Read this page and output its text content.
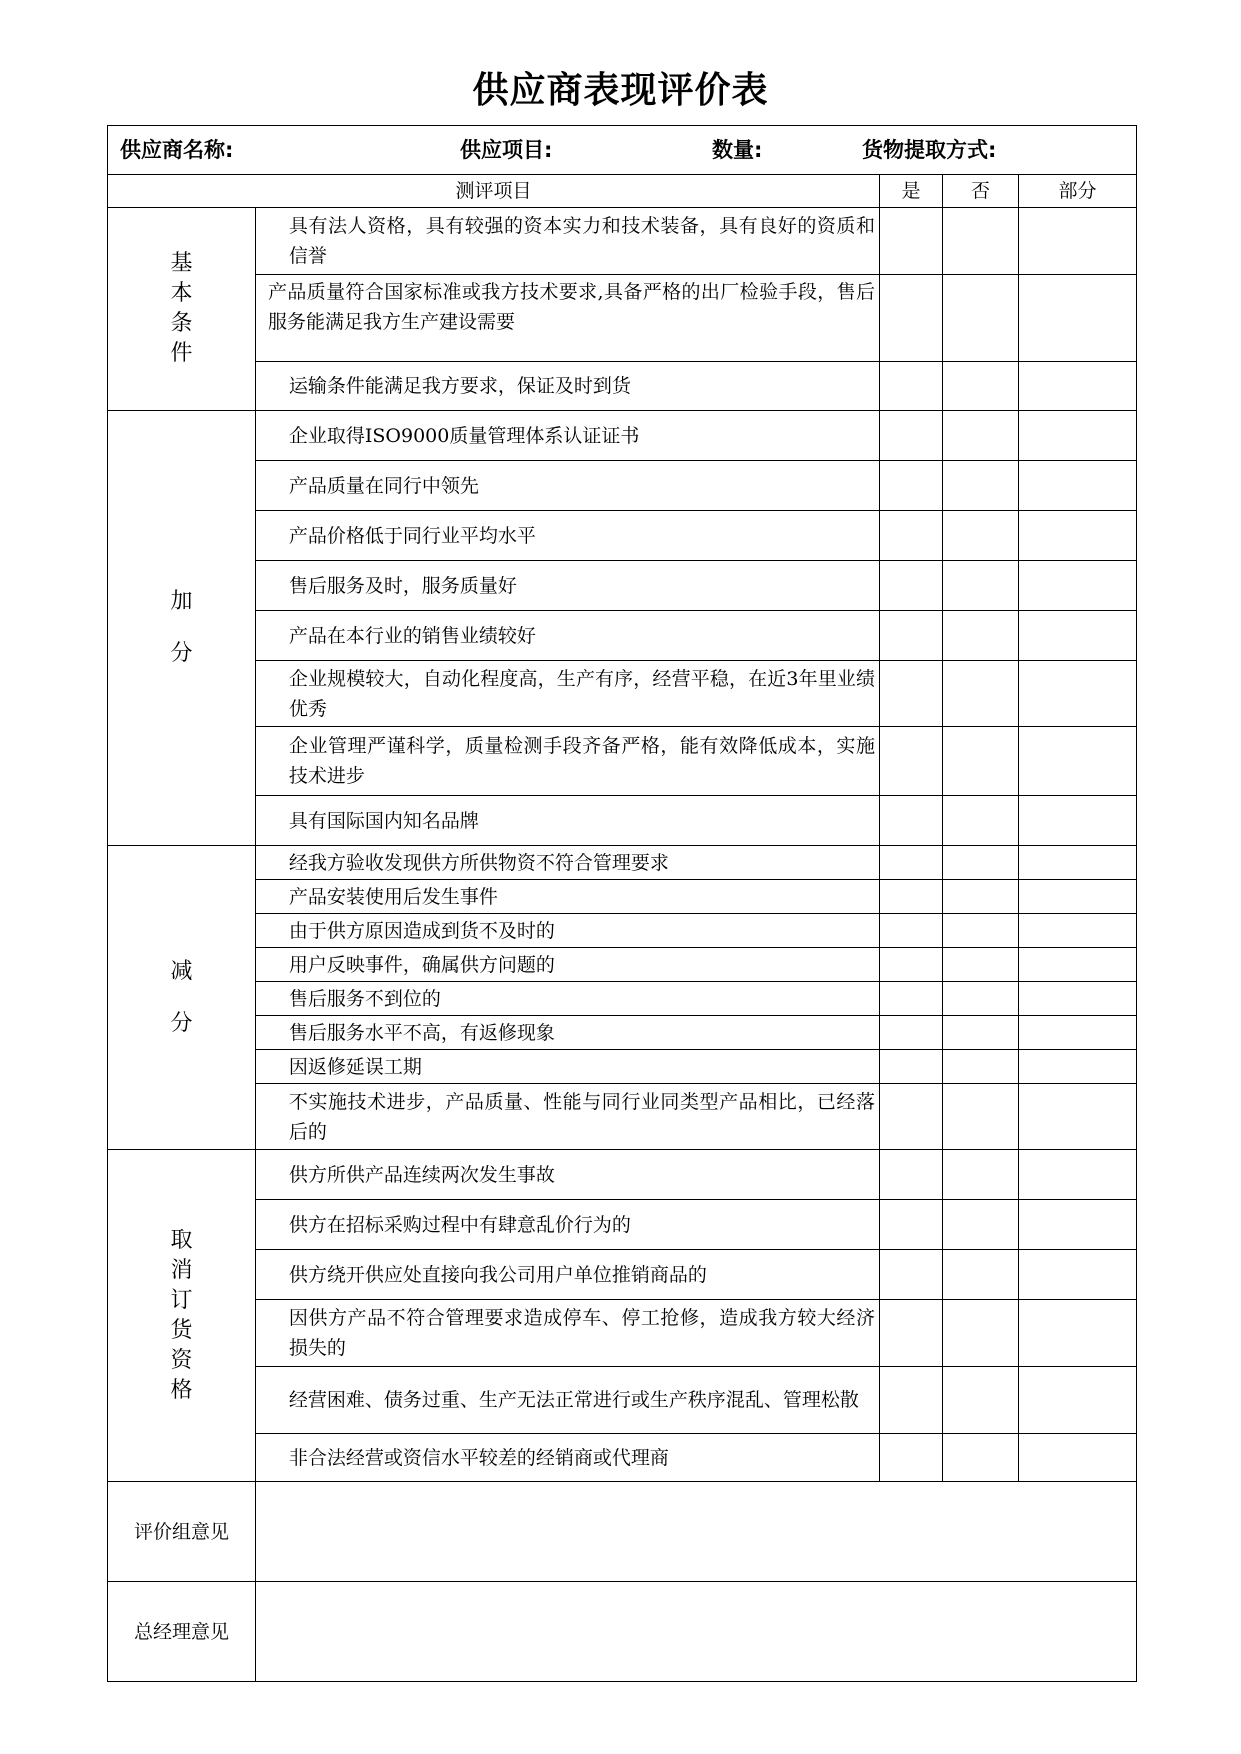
供应商表现评价表
供应商名称: 供应项目: 数量: 货物提取方式:				

测评项目		是	否	部分
基本条件	具有法人资格，具有较强的资本实力和技术装备，具有良好的资质和信誉			

	产品质量符合国家标准或我方技术要求,具备严格的出厂检验手段，售后服务能满足我方生产建设需要			

	运输条件能满足我方要求，保证及时到货			

加分	企业取得ISO9000质量管理体系认证证书			

	产品质量在同行中领先			

	产品价格低于同行业平均水平			

	售后服务及时，服务质量好			

	产品在本行业的销售业绩较好			

	企业规模较大，自动化程度高，生产有序，经营平稳，在近3年里业绩优秀			

	企业管理严谨科学，质量检测手段齐备严格，能有效降低成本，实施技术进步			

	具有国际国内知名品牌			

减分	经我方验收发现供方所供物资不符合管理要求			

	产品安装使用后发生事件			

	由于供方原因造成到货不及时的			

	用户反映事件，确属供方问题的			

	售后服务不到位的			

	售后服务水平不高，有返修现象			

	因返修延误工期			

	不实施技术进步，产品质量、性能与同行业同类型产品相比，已经落后的			

取消订货资格	供方所供产品连续两次发生事故			

	供方在招标采购过程中有肆意乱价行为的			

	供方绕开供应处直接向我公司用户单位推销商品的			

	因供方产品不符合管理要求造成停车、停工抢修，造成我方较大经济损失的			

	经营困难、债务过重、生产无法正常进行或生产秩序混乱、管理松散			

	非合法经营或资信水平较差的经销商或代理商			

评价组意见				
总经理意见				
